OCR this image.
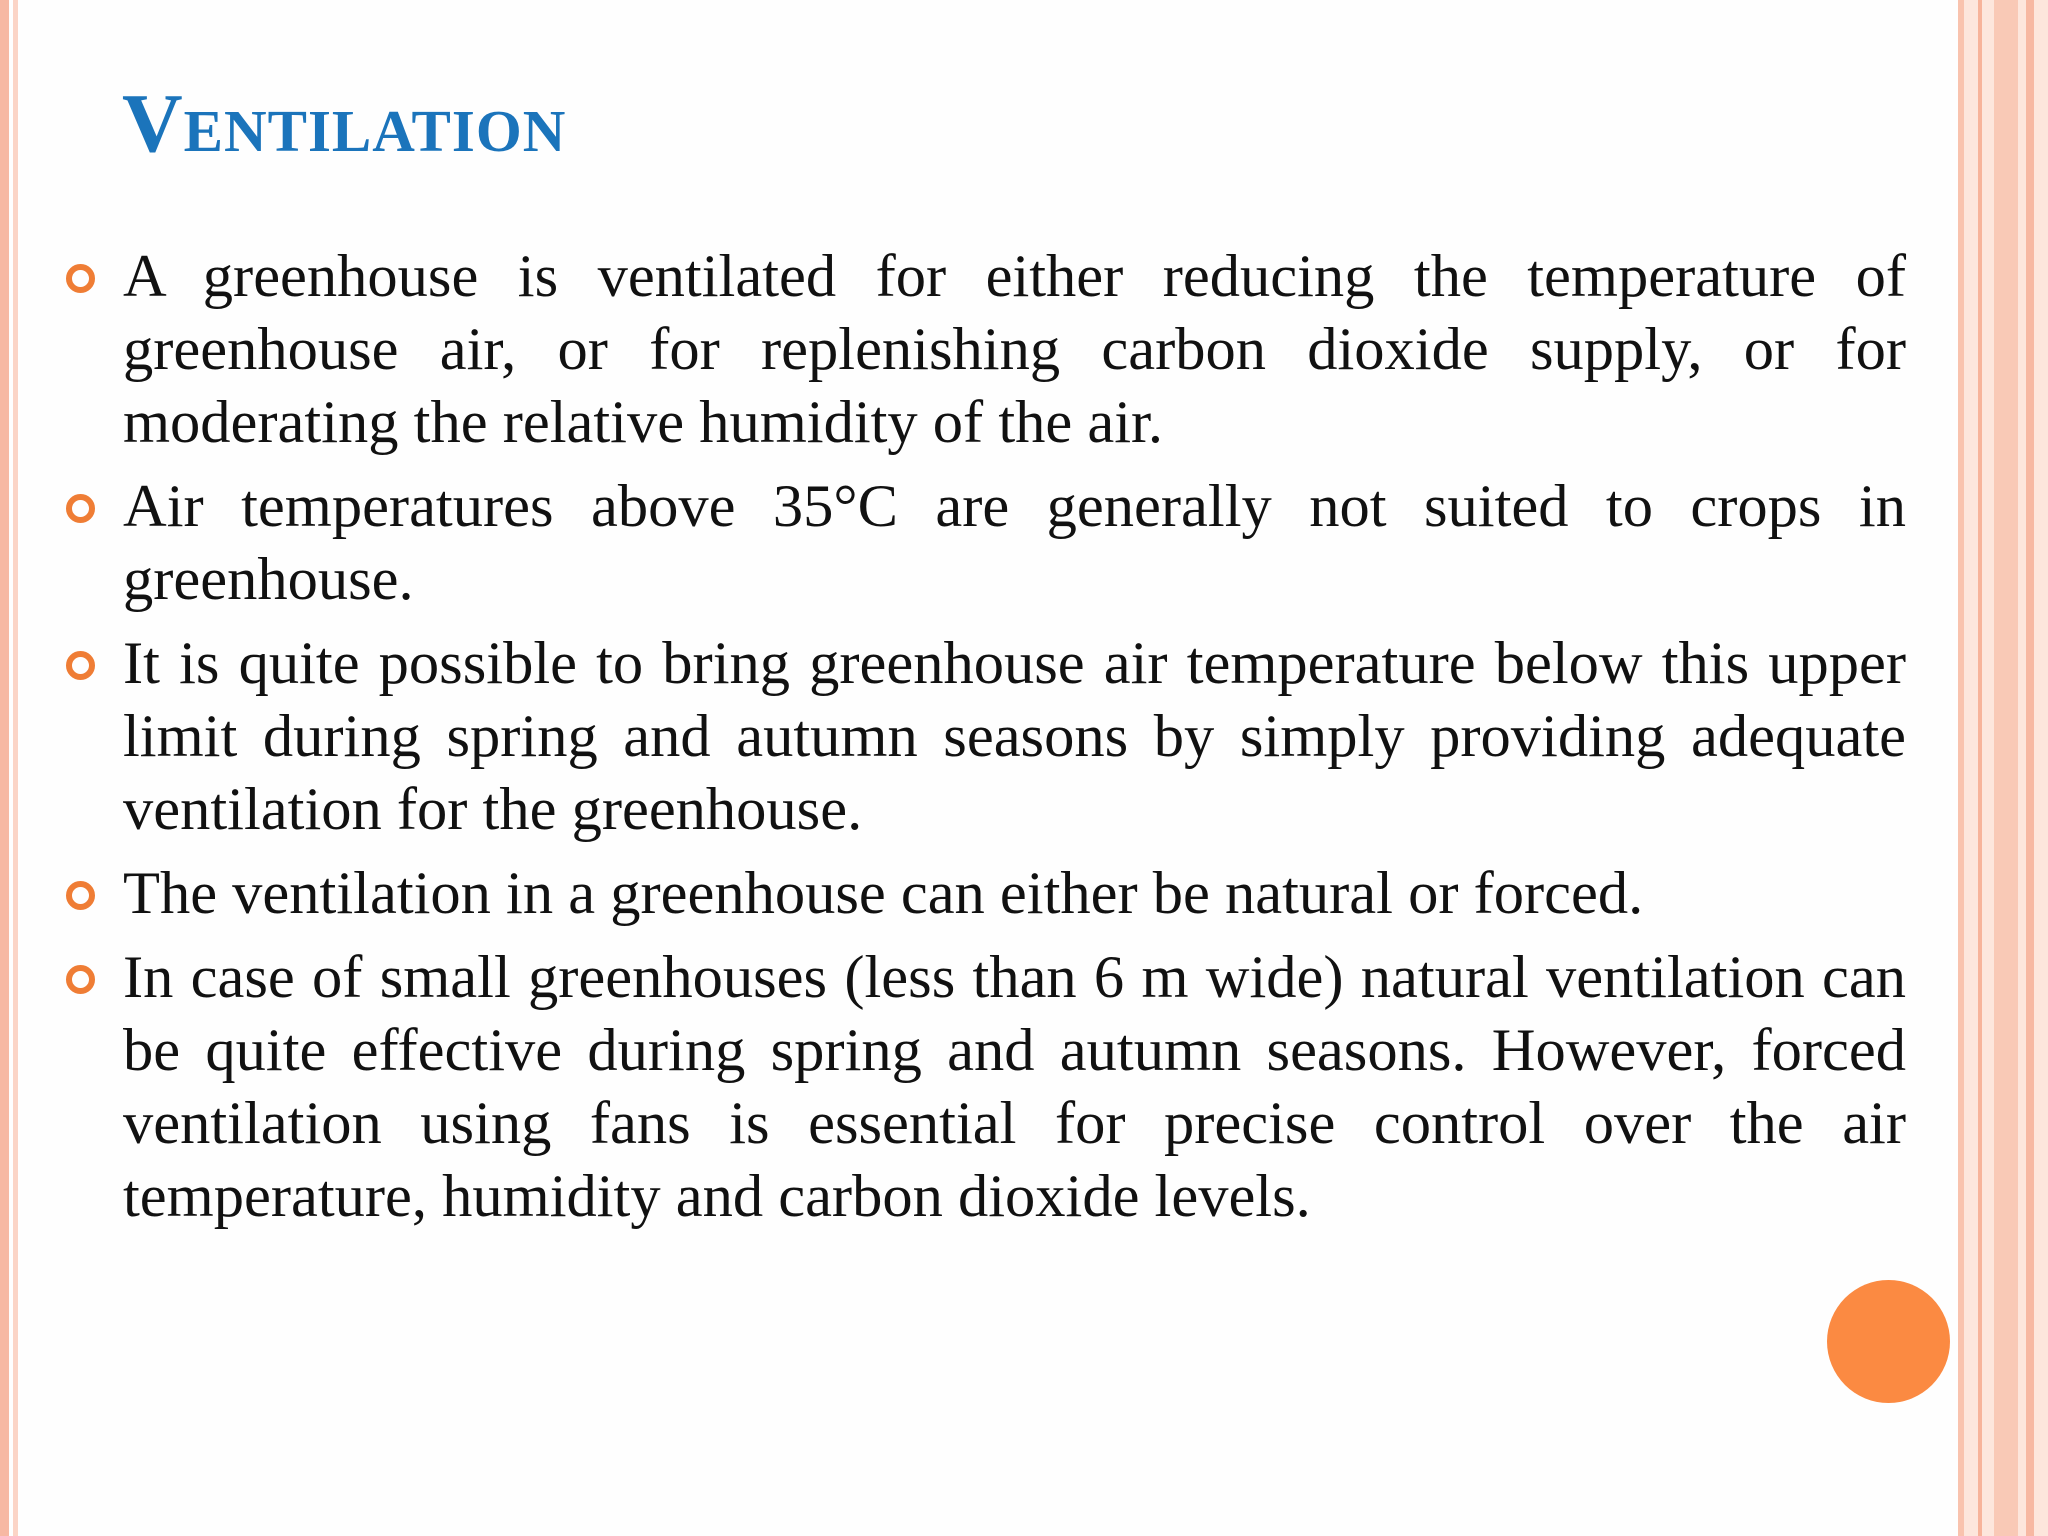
Ventilation
A greenhouse is ventilated for either reducing the temperature of greenhouse air, or for replenishing carbon dioxide supply, or for moderating the relative humidity of the air.
Air temperatures above 35°C are generally not suited to crops in greenhouse.
It is quite possible to bring greenhouse air temperature below this upper limit during spring and autumn seasons by simply providing adequate ventilation for the greenhouse.
The ventilation in a greenhouse can either be natural or forced.
In case of small greenhouses (less than 6 m wide) natural ventilation can be quite effective during spring and autumn seasons. However, forced ventilation using fans is essential for precise control over the air temperature, humidity and carbon dioxide levels.
